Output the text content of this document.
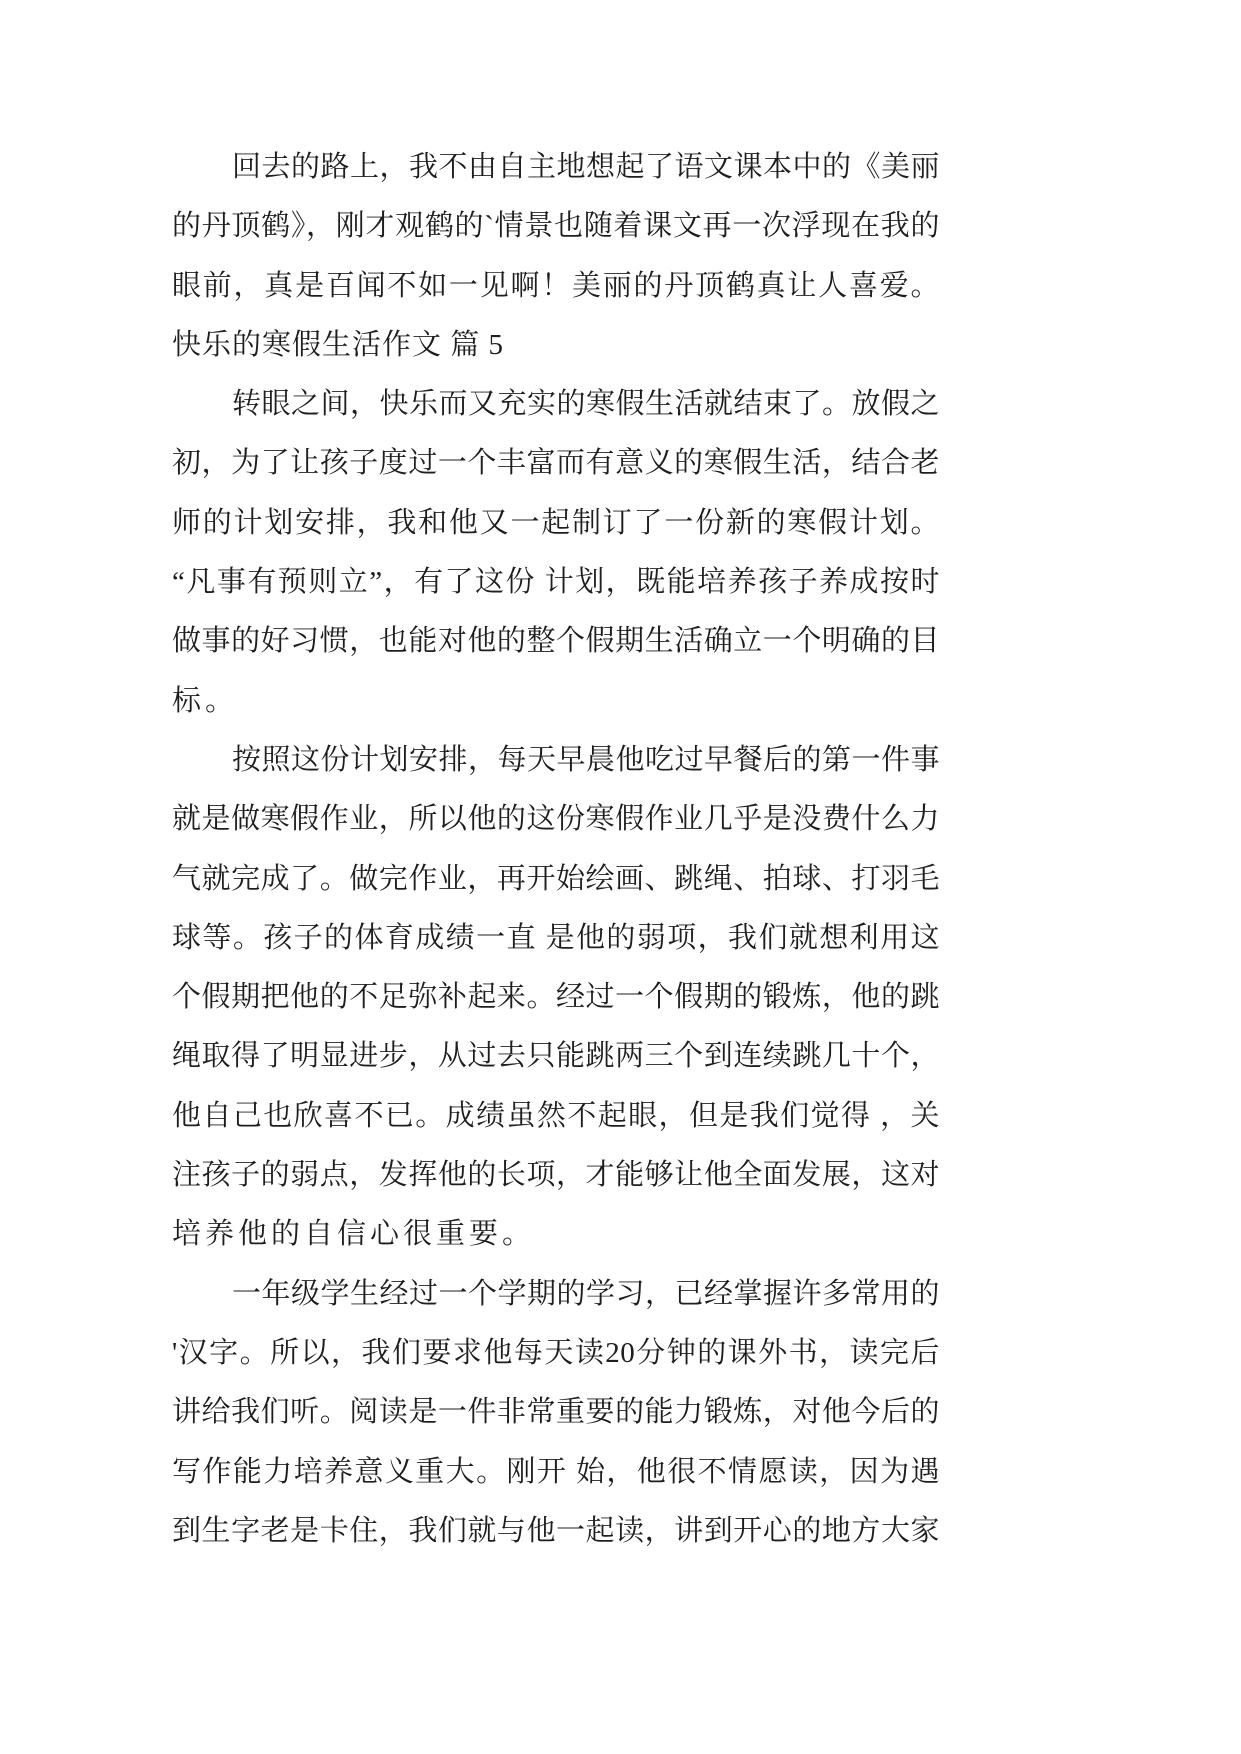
回去的路上，我不由自主地想起了语文课本中的《美丽
的丹顶鹤》，刚才观鹤的`情景也随着课文再一次浮现在我的
眼前，真是百闻不如一见啊！美丽的丹顶鹤真让人喜爱。
快乐的寒假生活作文 篇 5
转眼之间，快乐而又充实的寒假生活就结束了。放假之
初，为了让孩子度过一个丰富而有意义的寒假生活，结合老
师的计划安排，我和他又一起制订了一份新的寒假计划。
“凡事有预则立”，有了这份 计划，既能培养孩子养成按时
做事的好习惯，也能对他的整个假期生活确立一个明确的目
标。
按照这份计划安排，每天早晨他吃过早餐后的第一件事
就是做寒假作业，所以他的这份寒假作业几乎是没费什么力
气就完成了。做完作业，再开始绘画、跳绳、拍球、打羽毛
球等。孩子的体育成绩一直 是他的弱项，我们就想利用这
个假期把他的不足弥补起来。经过一个假期的锻炼，他的跳
绳取得了明显进步，从过去只能跳两三个到连续跳几十个，
他自己也欣喜不已。成绩虽然不起眼，但是我们觉得 ，关
注孩子的弱点，发挥他的长项，才能够让他全面发展，这对
培养他的自信心很重要。
一年级学生经过一个学期的学习，已经掌握许多常用的
'汉字。所以，我们要求他每天读20分钟的课外书，读完后
讲给我们听。阅读是一件非常重要的能力锻炼，对他今后的
写作能力培养意义重大。刚开 始，他很不情愿读，因为遇
到生字老是卡住，我们就与他一起读，讲到开心的地方大家
